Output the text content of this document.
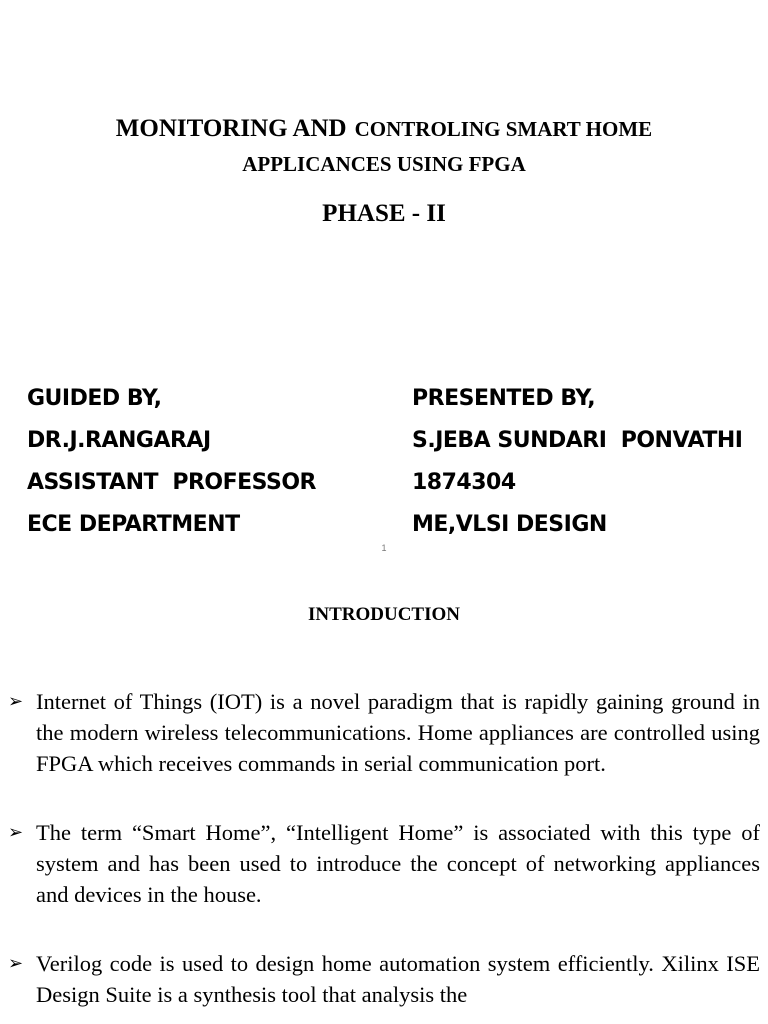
MONITORING AND CONTROLING SMART HOME
APPLICANCES USING FPGA
PHASE - II
GUIDED BY,
DR.J.RANGARAJ
ASSISTANT  PROFESSOR
ECE DEPARTMENT
PRESENTED BY,
S.JEBA SUNDARI  PONVATHI
1874304
ME,VLSI DESIGN
1
INTRODUCTION
➢ Internet of Things (IOT) is a novel paradigm that is rapidly gaining ground in the modern wireless telecommunications. Home appliances are controlled using FPGA which receives commands in serial communication port.
➢ The term “Smart Home”, “Intelligent Home” is associated with this type of system and has been used to introduce the concept of networking appliances and devices in the house.
➢ Verilog code is used to design home automation system efficiently. Xilinx ISE Design Suite is a synthesis tool that analysis the
